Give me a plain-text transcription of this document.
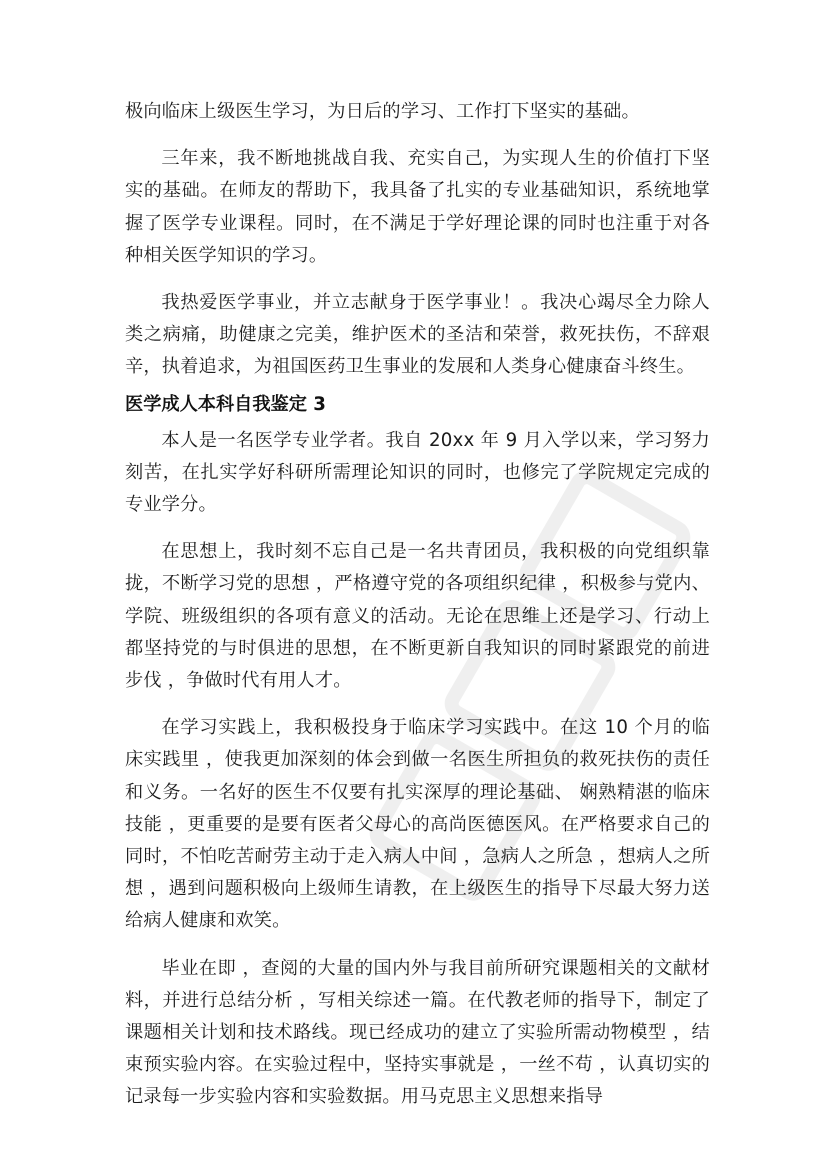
极向临床上级医生学习，为日后的学习、工作打下坚实的基础。

三年来，我不断地挑战自我、充实自己，为实现人生的价值打下坚实的基础。在师友的帮助下，我具备了扎实的专业基础知识，系统地掌握了医学专业课程。同时，在不满足于学好理论课的同时也注重于对各种相关医学知识的学习。

我热爱医学事业，并立志献身于医学事业！。我决心竭尽全力除人类之病痛，助健康之完美，维护医术的圣洁和荣誉，救死扶伤，不辞艰辛，执着追求，为祖国医药卫生事业的发展和人类身心健康奋斗终生。

医学成人本科自我鉴定 3

本人是一名医学专业学者。我自 20xx 年 9 月入学以来，学习努力刻苦，在扎实学好科研所需理论知识的同时，也修完了学院规定完成的专业学分。

在思想上，我时刻不忘自己是一名共青团员，我积极的向党组织靠拢，不断学习党的思想 ，严格遵守党的各项组织纪律 ，积极参与党内、学院、班级组织的各项有意义的活动。无论在思维上还是学习、行动上都坚持党的与时俱进的思想，在不断更新自我知识的同时紧跟党的前进步伐 ，争做时代有用人才。

在学习实践上，我积极投身于临床学习实践中。在这 10 个月的临床实践里 ，使我更加深刻的体会到做一名医生所担负的救死扶伤的责任和义务。一名好的医生不仅要有扎实深厚的理论基础、 娴熟精湛的临床技能 ，更重要的是要有医者父母心的高尚医德医风。在严格要求自己的同时，不怕吃苦耐劳主动于走入病人中间 ，急病人之所急 ，想病人之所想 ，遇到问题积极向上级师生请教，在上级医生的指导下尽最大努力送给病人健康和欢笑。

毕业在即 ，查阅的大量的国内外与我目前所研究课题相关的文献材料，并进行总结分析 ，写相关综述一篇。在代教老师的指导下，制定了课题相关计划和技术路线。现已经成功的建立了实验所需动物模型 ，结束预实验内容。在实验过程中，坚持实事就是 ，一丝不苟 ，认真切实的记录每一步实验内容和实验数据。用马克思主义思想来指导
